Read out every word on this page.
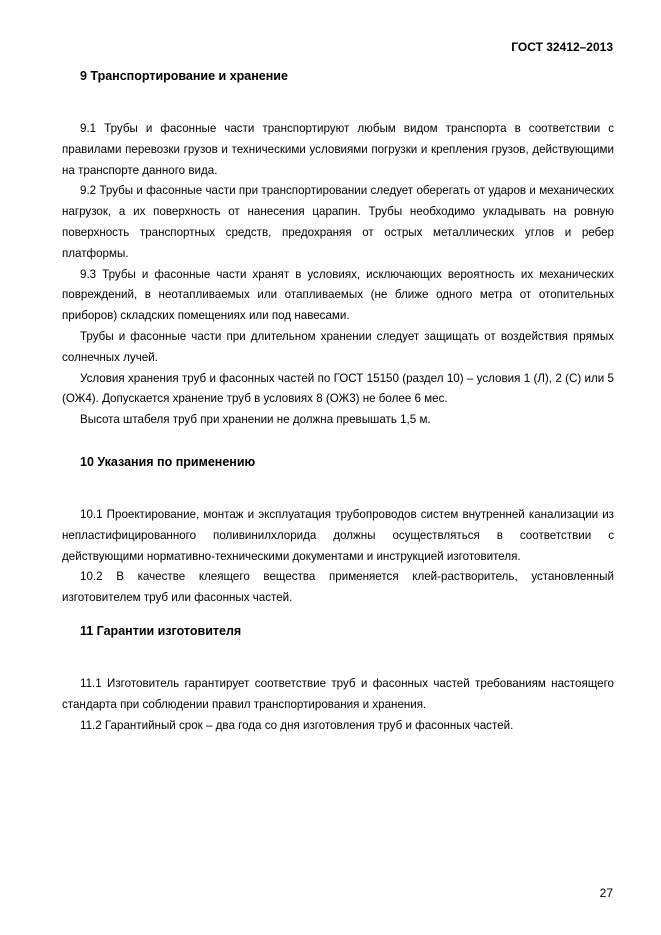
ГОСТ 32412–2013
9 Транспортирование и хранение

9.1 Трубы и фасонные части транспортируют любым видом транспорта в соответствии с правилами перевозки грузов и техническими условиями погрузки и крепления грузов, действующими на транспорте данного вида.

9.2 Трубы и фасонные части при транспортировании следует оберегать от ударов и механических нагрузок, а их поверхность от нанесения царапин. Трубы необходимо укладывать на ровную поверхность транспортных средств, предохраняя от острых металлических углов и ребер платформы.

9.3 Трубы и фасонные части хранят в условиях, исключающих вероятность их механических повреждений, в неотапливаемых или отапливаемых (не ближе одного метра от отопительных приборов) складских помещениях или под навесами.

Трубы и фасонные части при длительном хранении следует защищать от воздействия прямых солнечных лучей.

Условия хранения труб и фасонных частей по ГОСТ 15150 (раздел 10) – условия 1 (Л), 2 (С) или 5 (ОЖ4). Допускается хранение труб в условиях 8 (ОЖ3) не более 6 мес.

Высота штабеля труб при хранении не должна превышать 1,5 м.

10 Указания по применению

10.1 Проектирование, монтаж и эксплуатация трубопроводов систем внутренней канализации из непластифицированного поливинилхлорида должны осуществляться в соответствии с действующими нормативно-техническими документами и инструкцией изготовителя.

10.2 В качестве клеящего вещества применяется клей-растворитель, установленный изготовителем труб или фасонных частей.

11 Гарантии изготовителя

11.1 Изготовитель гарантирует соответствие труб и фасонных частей требованиям настоящего стандарта при соблюдении правил транспортирования и хранения.

11.2 Гарантийный срок – два года со дня изготовления труб и фасонных частей.

27
